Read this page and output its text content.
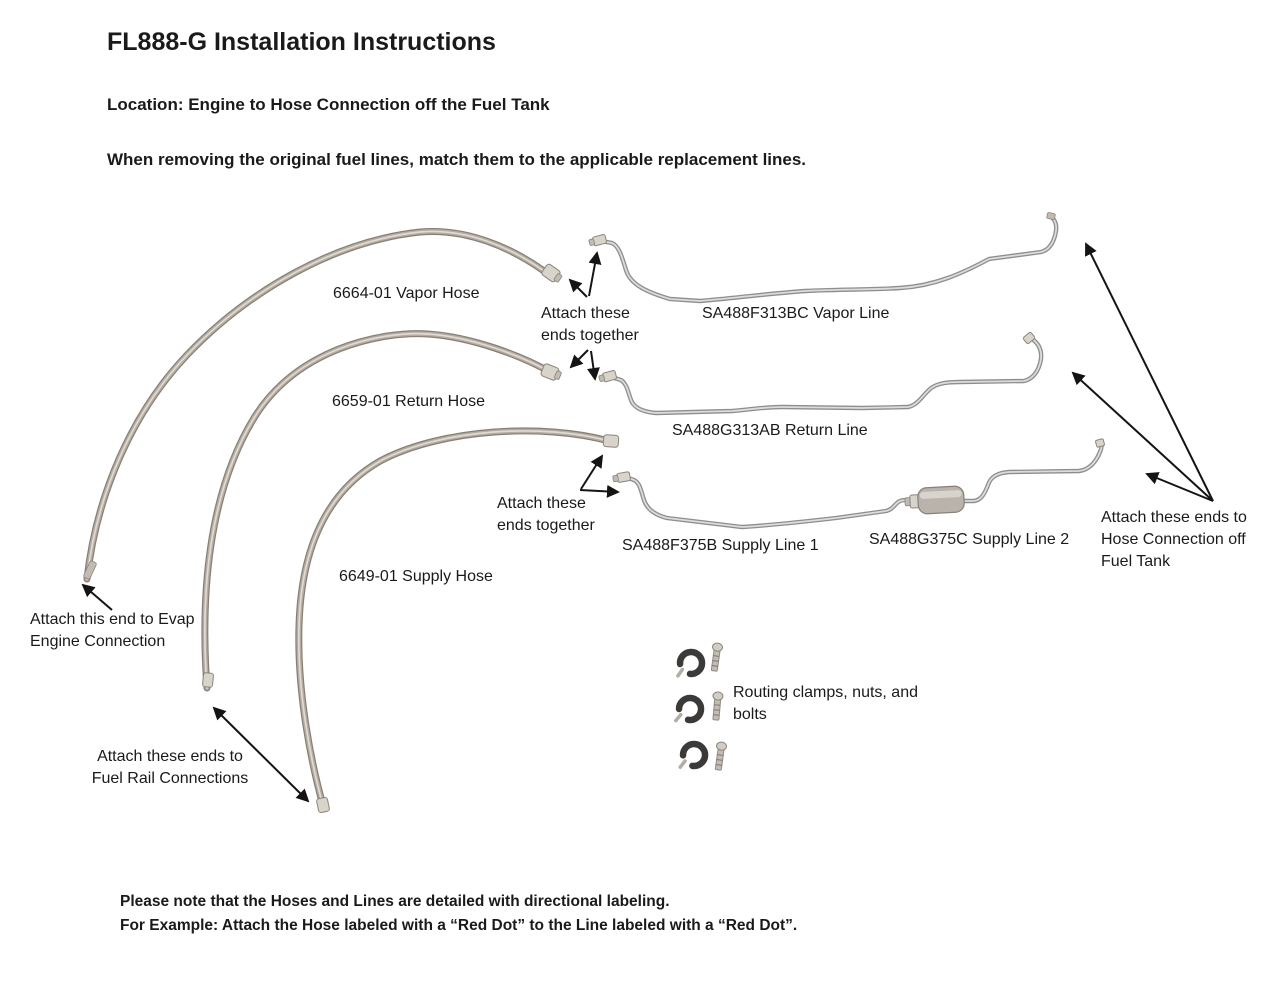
FL888-G Installation Instructions
Location: Engine to Hose Connection off the Fuel Tank
When removing the original fuel lines, match them to the applicable replacement lines.
6664-01 Vapor Hose
SA488F313BC Vapor Line
Attach these ends together
6659-01 Return Hose
SA488G313AB Return Line
Attach these ends together
SA488F375B Supply Line 1	SA488G375C Supply Line 2
6649-01 Supply Hose
Attach these ends to Hose Connection off Fuel Tank
Attach this end to Evap Engine Connection
Attach these ends to Fuel Rail Connections
Routing clamps, nuts, and bolts
Please note that the Hoses and Lines are detailed with directional labeling.
For Example: Attach the Hose labeled with a “Red Dot” to the Line labeled with a “Red Dot”.
